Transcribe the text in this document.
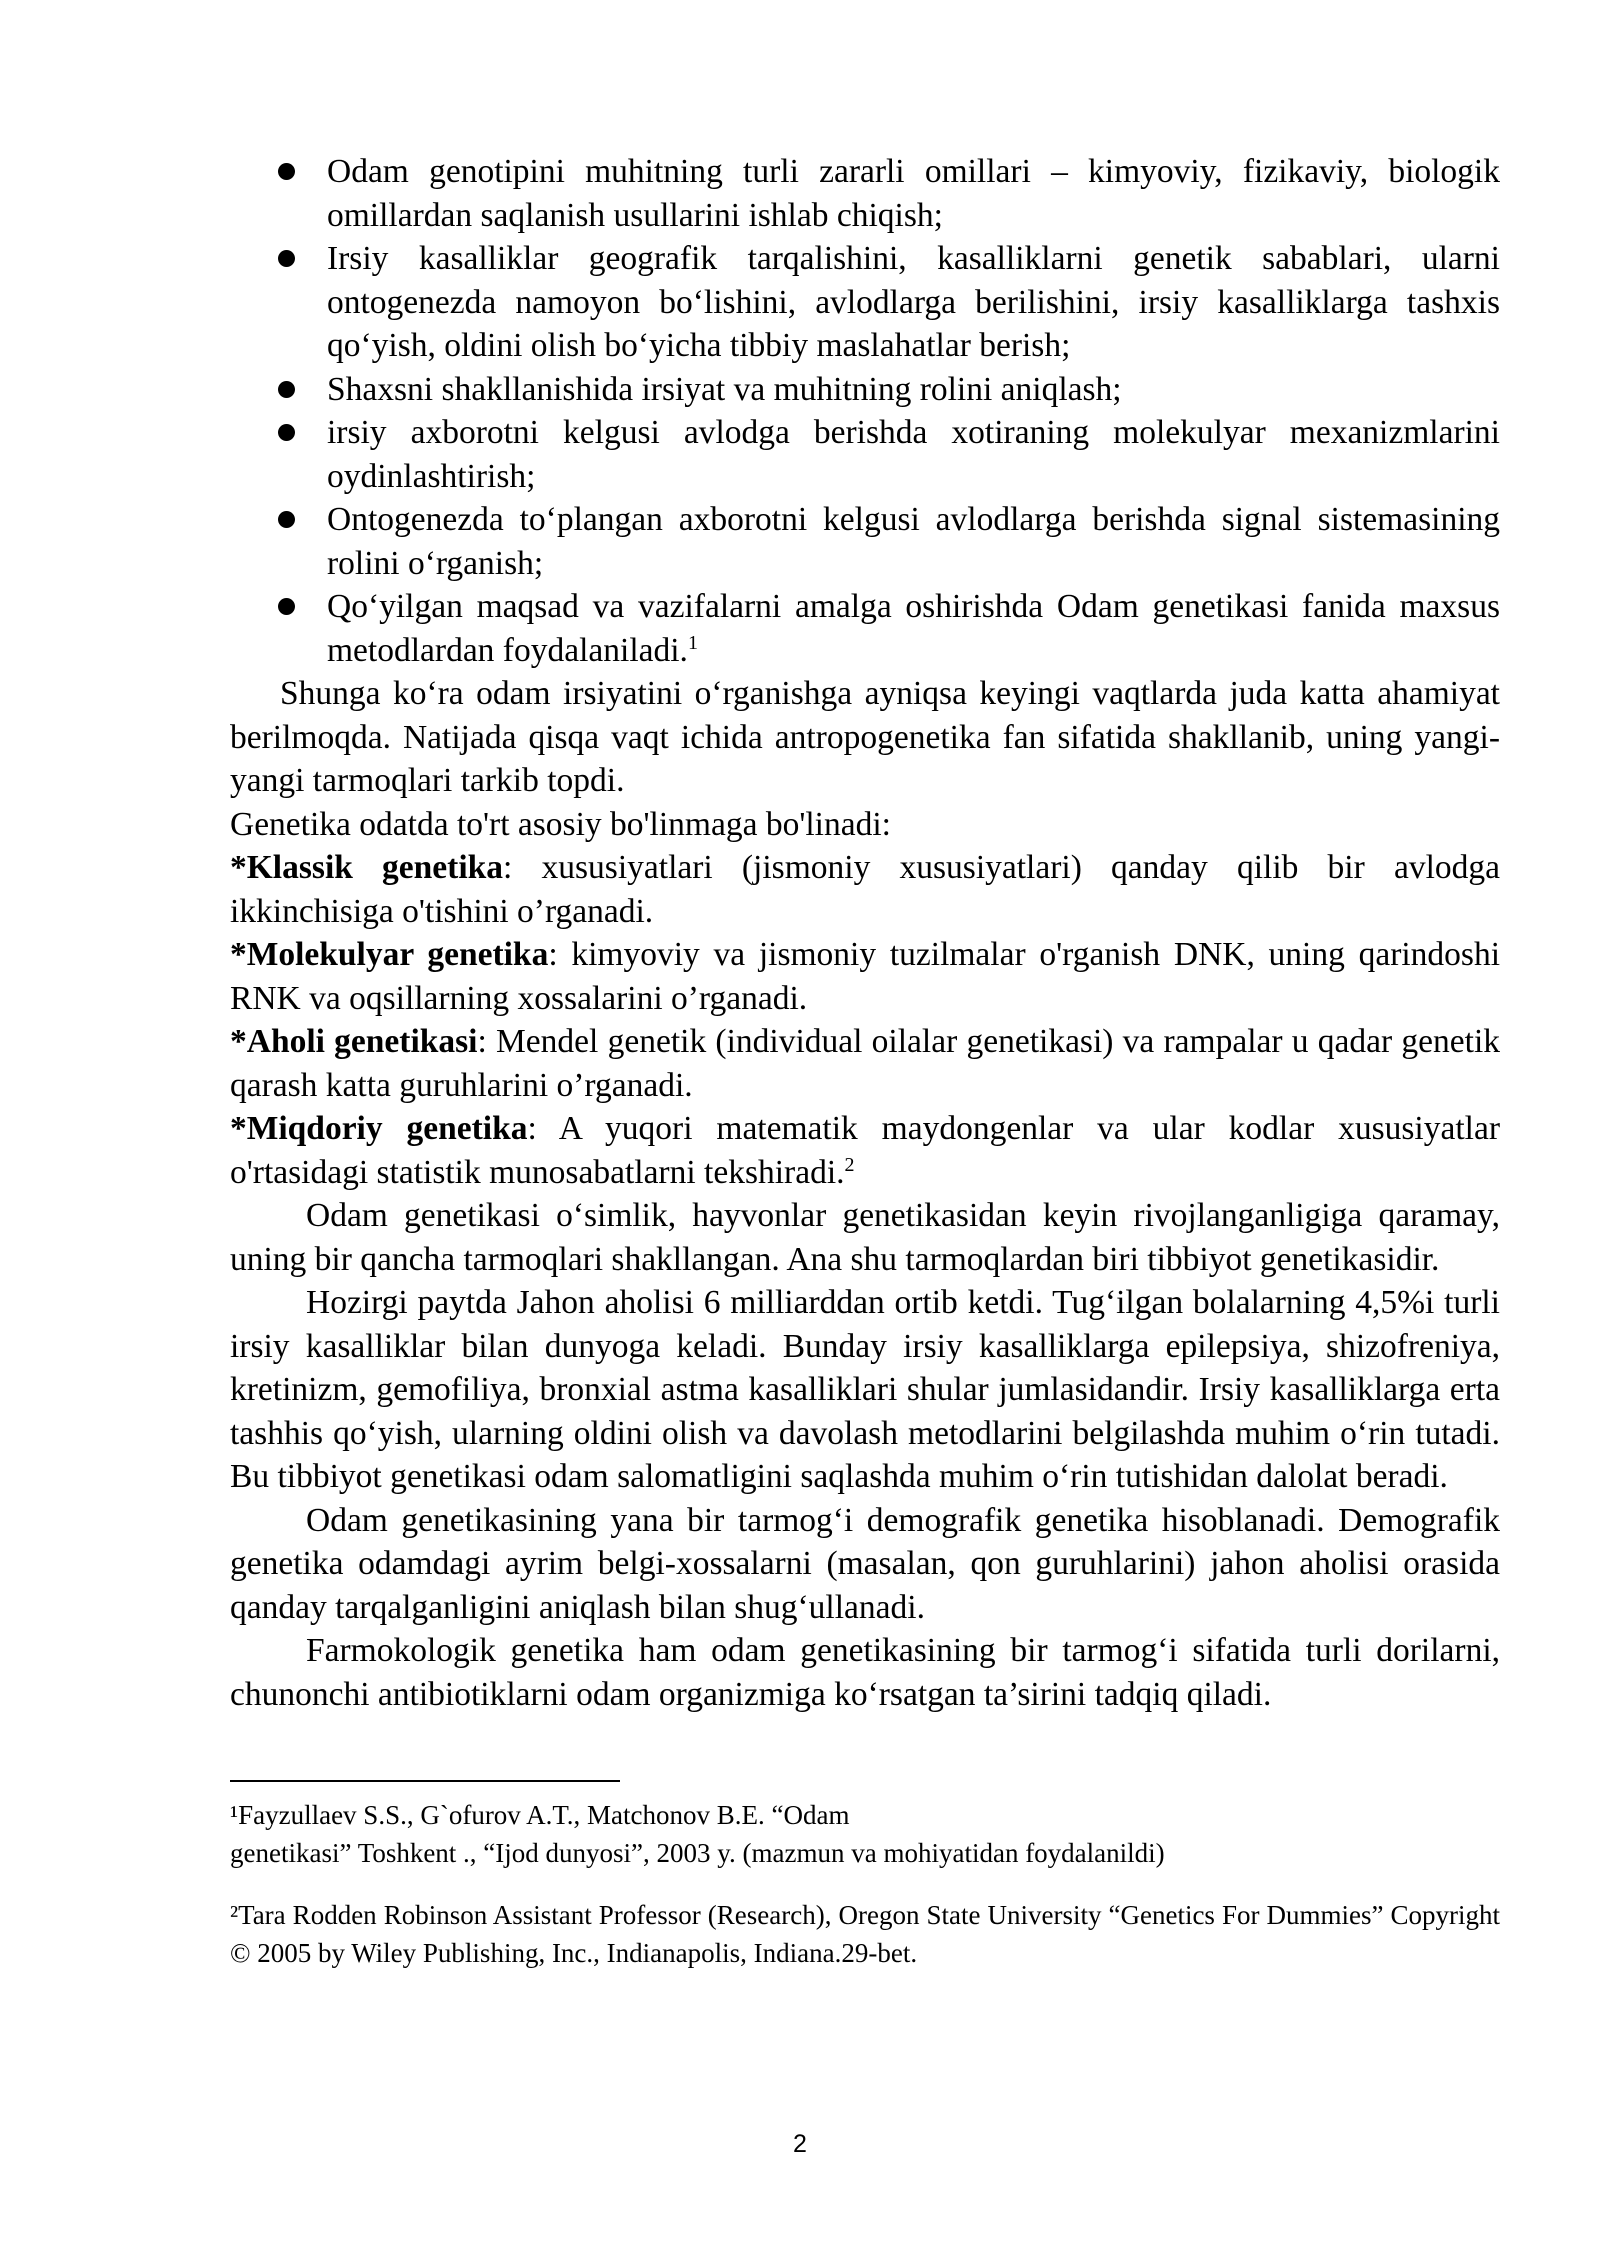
Odam genotipini muhitning turli zararli omillari – kimyoviy, fizikaviy, biologik omillardan saqlanish usullarini ishlab chiqish;
Irsiy kasalliklar geografik tarqalishini, kasalliklarni genetik sabablari, ularni ontogenezda namoyon bo‘lishini, avlodlarga berilishini, irsiy kasalliklarga tashxis qo‘yish, oldini olish bo‘yicha tibbiy maslahatlar berish;
Shaxsni shakllanishida irsiyat va muhitning rolini aniqlash;
irsiy axborotni kelgusi avlodga berishda xotiraning molekulyar mexanizmlarini oydinlashtirish;
Ontogenezda to‘plangan axborotni kelgusi avlodlarga berishda signal sistemasining rolini o‘rganish;
Qo‘yilgan maqsad va vazifalarni amalga oshirishda Odam genetikasi fanida maxsus metodlardan foydalaniladi.$^1$

Shunga ko‘ra odam irsiyatini o‘rganishga ayniqsa keyingi vaqtlarda juda katta ahamiyat berilmoqda. Natijada qisqa vaqt ichida antropogenetika fan sifatida shakllanib, uning yangi-yangi tarmoqlari tarkib topdi.

Genetika odatda to'rt asosiy bo'linmaga bo'linadi:

*Klassik genetika: xususiyatlari (jismoniy xususiyatlari) qanday qilib bir avlodga ikkinchisiga o'tishini o’rganadi.

*Molekulyar genetika: kimyoviy va jismoniy tuzilmalar o'rganish DNK, uning qarindoshi RNK va oqsillarning xossalarini o’rganadi.

*Aholi genetikasi: Mendel genetik (individual oilalar genetikasi) va rampalar u qadar genetik qarash katta guruhlarini o’rganadi.

*Miqdoriy genetika: A yuqori matematik maydongenlar va ular kodlar xususiyatlar o'rtasidagi statistik munosabatlarni tekshiradi.$^2$

Odam genetikasi o‘simlik, hayvonlar genetikasidan keyin rivojlanganligiga qaramay, uning bir qancha tarmoqlari shakllangan. Ana shu tarmoqlardan biri tibbiyot genetikasidir.

Hozirgi paytda Jahon aholisi 6 milliarddan ortib ketdi. Tug‘ilgan bolalarning 4,5%i turli irsiy kasalliklar bilan dunyoga keladi. Bunday irsiy kasalliklarga epilepsiya, shizofreniya, kretinizm, gemofiliya, bronxial astma kasalliklari shular jumlasidandir. Irsiy kasalliklarga erta tashhis qo‘yish, ularning oldini olish va davolash metodlarini belgilashda muhim o‘rin tutadi. Bu tibbiyot genetikasi odam salomatligini saqlashda muhim o‘rin tutishidan dalolat beradi.

Odam genetikasining yana bir tarmog‘i demografik genetika hisoblanadi. Demografik genetika odamdagi ayrim belgi-xossalarni (masalan, qon guruhlarini) jahon aholisi orasida qanday tarqalganligini aniqlash bilan shug‘ullanadi.

Farmokologik genetika ham odam genetikasining bir tarmog‘i sifatida turli dorilarni, chunonchi antibiotiklarni odam organizmiga ko‘rsatgan ta’sirini tadqiq qiladi.

¹Fayzullaev S.S., G`ofurov A.T., Matchonov B.E. “Odam
genetikasi” Toshkent ., “Ijod dunyosi”, 2003 y. (mazmun va mohiyatidan foydalanildi)
²Tara Rodden Robinson Assistant Professor (Research), Oregon State University “Genetics For Dummies” Copyright © 2005 by Wiley Publishing, Inc., Indianapolis, Indiana.29-bet.
2
